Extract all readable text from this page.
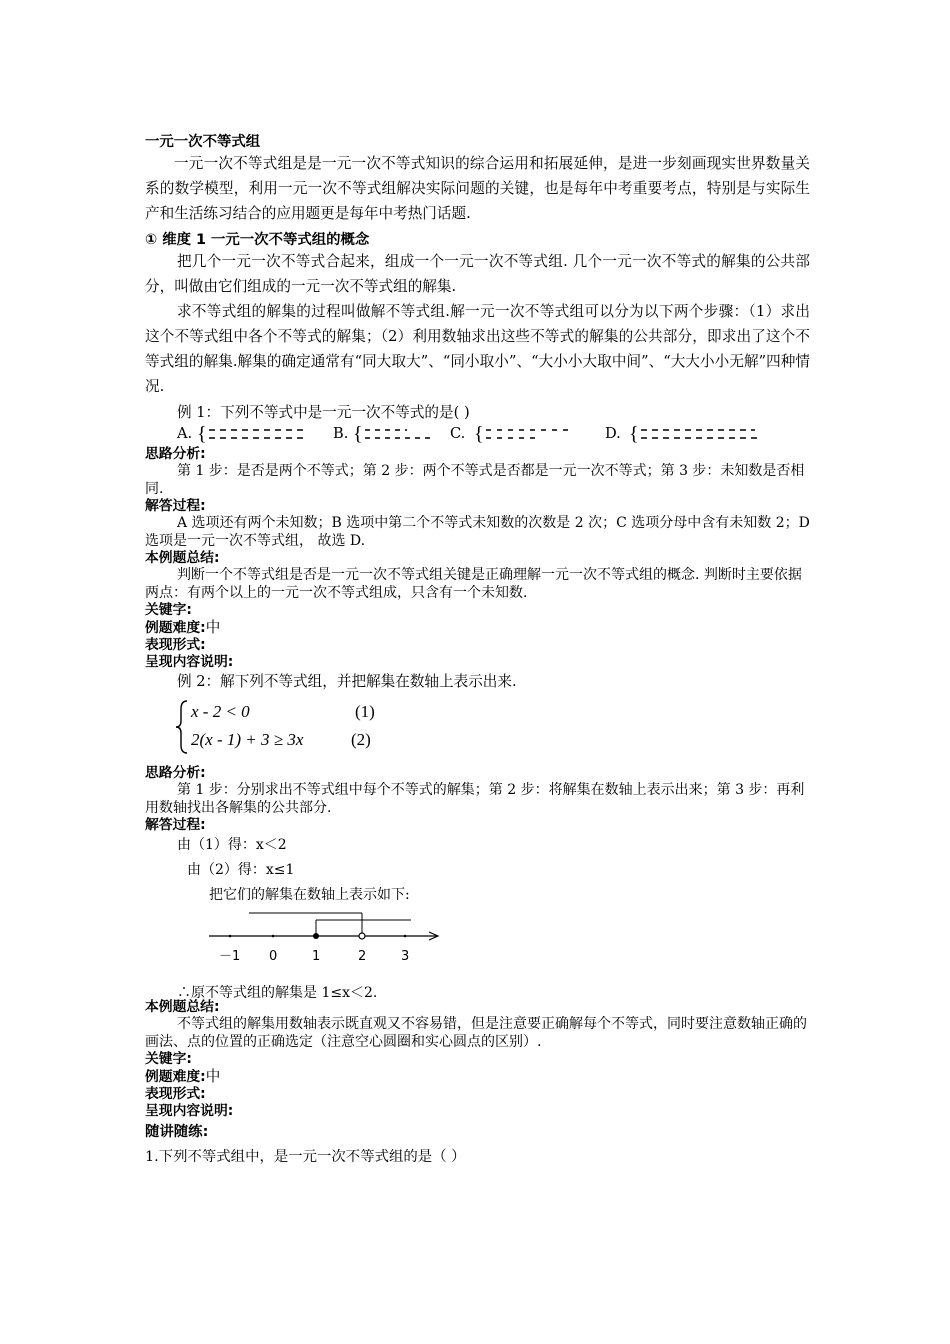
一元一次不等式组
一元一次不等式组是是一元一次不等式知识的综合运用和拓展延伸，是进一步刻画现实世界数量关系的数学模型，利用一元一次不等式组解决实际问题的关键，也是每年中考重要考点，特别是与实际生产和生活练习结合的应用题更是每年中考热门话题.
① 维度 1 一元一次不等式组的概念
把几个一元一次不等式合起来，组成一个一元一次不等式组. 几个一元一次不等式的解集的公共部分，叫做由它们组成的一元一次不等式组的解集.
求不等式组的解集的过程叫做解不等式组.解一元一次不等式组可以分为以下两个步骤：（1）求出这个不等式组中各个不等式的解集；（2）利用数轴求出这些不等式的解集的公共部分，即求出了这个不等式组的解集.解集的确定通常有“同大取大”、“同小取小”、“大小小大取中间”、“大大小小无解”四种情况.
例 1：下列不等式中是一元一次不等式的是( )
A. {	B. {	C. {	D. {
思路分析:
第 1 步：是否是两个不等式；第 2 步：两个不等式是否都是一元一次不等式；第 3 步：未知数是否相同.
解答过程:
A 选项还有两个未知数；B 选项中第二个不等式未知数的次数是 2 次；C 选项分母中含有未知数 2；D 选项是一元一次不等式组， 故选 D.
本例题总结:
判断一个不等式组是否是一元一次不等式组关键是正确理解一元一次不等式组的概念. 判断时主要依据两点：有两个以上的一元一次不等式组成，只含有一个未知数.
关键字:
例题难度:中
表现形式:
呈现内容说明:
例 2：解下列不等式组，并把解集在数轴上表示出来.
x - 2 < 0	(1)
2(x - 1) + 3 ≥ 3x	(2)
思路分析:
第 1 步：分别求出不等式组中每个不等式的解集；第 2 步：将解集在数轴上表示出来；第 3 步：再利用数轴找出各解集的公共部分.
解答过程:
由（1）得：x＜2
由（2）得：x≤1
把它们的解集在数轴上表示如下:
－1 0	1	2	3
∴原不等式组的解集是 1≤x＜2.
本例题总结:
不等式组的解集用数轴表示既直观又不容易错，但是注意要正确解每个不等式，同时要注意数轴正确的画法、点的位置的正确选定（注意空心圆圈和实心圆点的区别）.
关键字:
例题难度:中
表现形式:
呈现内容说明:
随讲随练:
1.下列不等式组中，是一元一次不等式组的是（ ）
